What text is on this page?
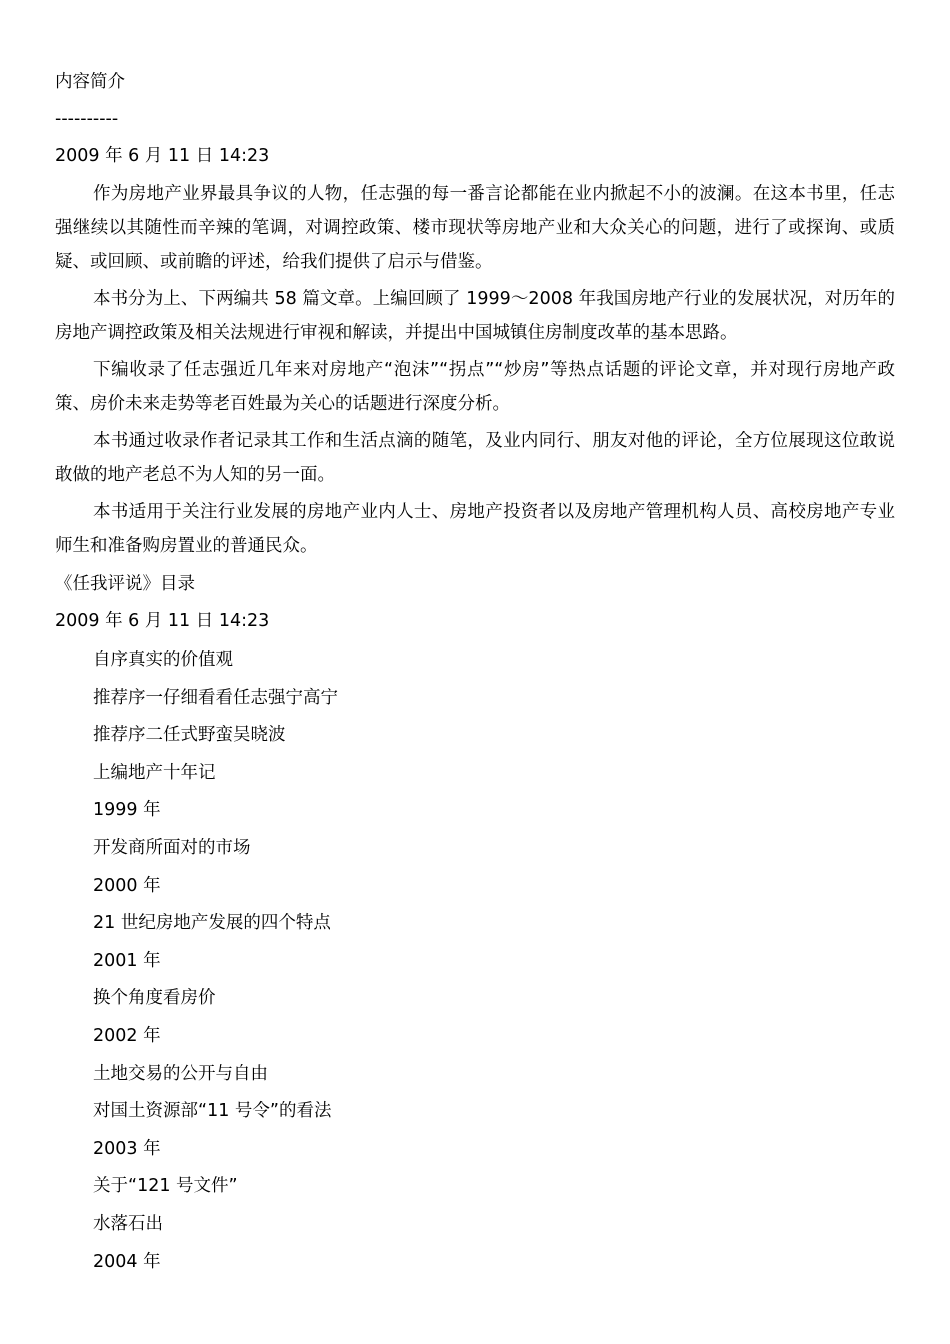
内容简介
----------
2009 年 6 月 11 日 14:23

作为房地产业界最具争议的人物，任志强的每一番言论都能在业内掀起不小的波澜。在这本书里，任志强继续以其随性而辛辣的笔调，对调控政策、楼市现状等房地产业和大众关心的问题，进行了或探询、或质疑、或回顾、或前瞻的评述，给我们提供了启示与借鉴。

本书分为上、下两编共 58 篇文章。上编回顾了 1999～2008 年我国房地产行业的发展状况，对历年的房地产调控政策及相关法规进行审视和解读，并提出中国城镇住房制度改革的基本思路。

下编收录了任志强近几年来对房地产“泡沫”“拐点”“炒房”等热点话题的评论文章，并对现行房地产政策、房价未来走势等老百姓最为关心的话题进行深度分析。

本书通过收录作者记录其工作和生活点滴的随笔，及业内同行、朋友对他的评论，全方位展现这位敢说敢做的地产老总不为人知的另一面。

本书适用于关注行业发展的房地产业内人士、房地产投资者以及房地产管理机构人员、高校房地产专业师生和准备购房置业的普通民众。

《任我评说》目录
2009 年 6 月 11 日 14:23
自序真实的价值观
推荐序一仔细看看任志强宁高宁
推荐序二任式野蛮吴晓波
上编地产十年记
1999 年
开发商所面对的市场
2000 年
21 世纪房地产发展的四个特点
2001 年
换个角度看房价
2002 年
土地交易的公开与自由
对国土资源部“11 号令”的看法
2003 年
关于“121 号文件”
水落石出
2004 年
